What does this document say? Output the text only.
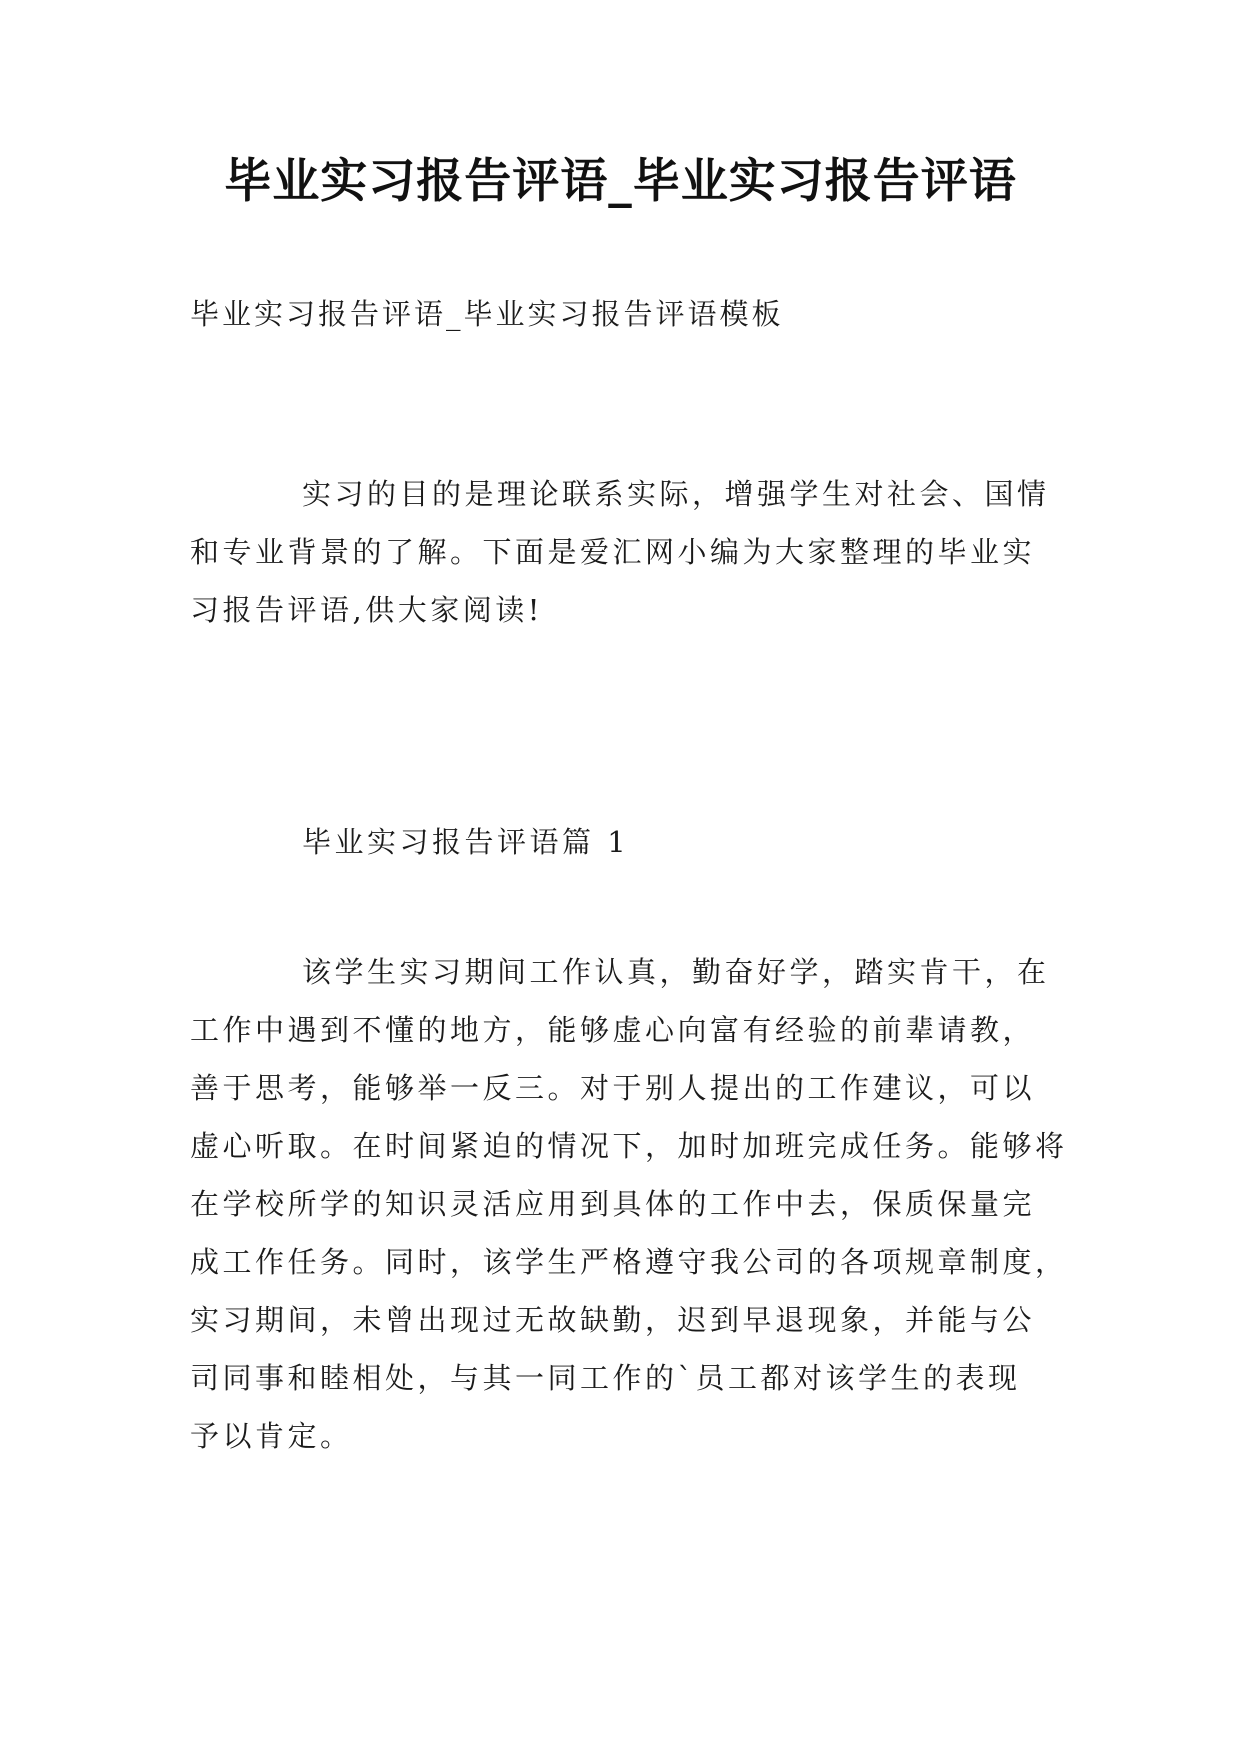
毕业实习报告评语_毕业实习报告评语
毕业实习报告评语_毕业实习报告评语模板
实习的目的是理论联系实际，增强学生对社会、国情
和专业背景的了解。下面是爱汇网小编为大家整理的毕业实
习报告评语,供大家阅读!
毕业实习报告评语篇 1
该学生实习期间工作认真，勤奋好学，踏实肯干，在
工作中遇到不懂的地方，能够虚心向富有经验的前辈请教，
善于思考，能够举一反三。对于别人提出的工作建议，可以
虚心听取。在时间紧迫的情况下，加时加班完成任务。能够将
在学校所学的知识灵活应用到具体的工作中去，保质保量完
成工作任务。同时，该学生严格遵守我公司的各项规章制度，
实习期间，未曾出现过无故缺勤，迟到早退现象，并能与公
司同事和睦相处，与其一同工作的`员工都对该学生的表现
予以肯定。
